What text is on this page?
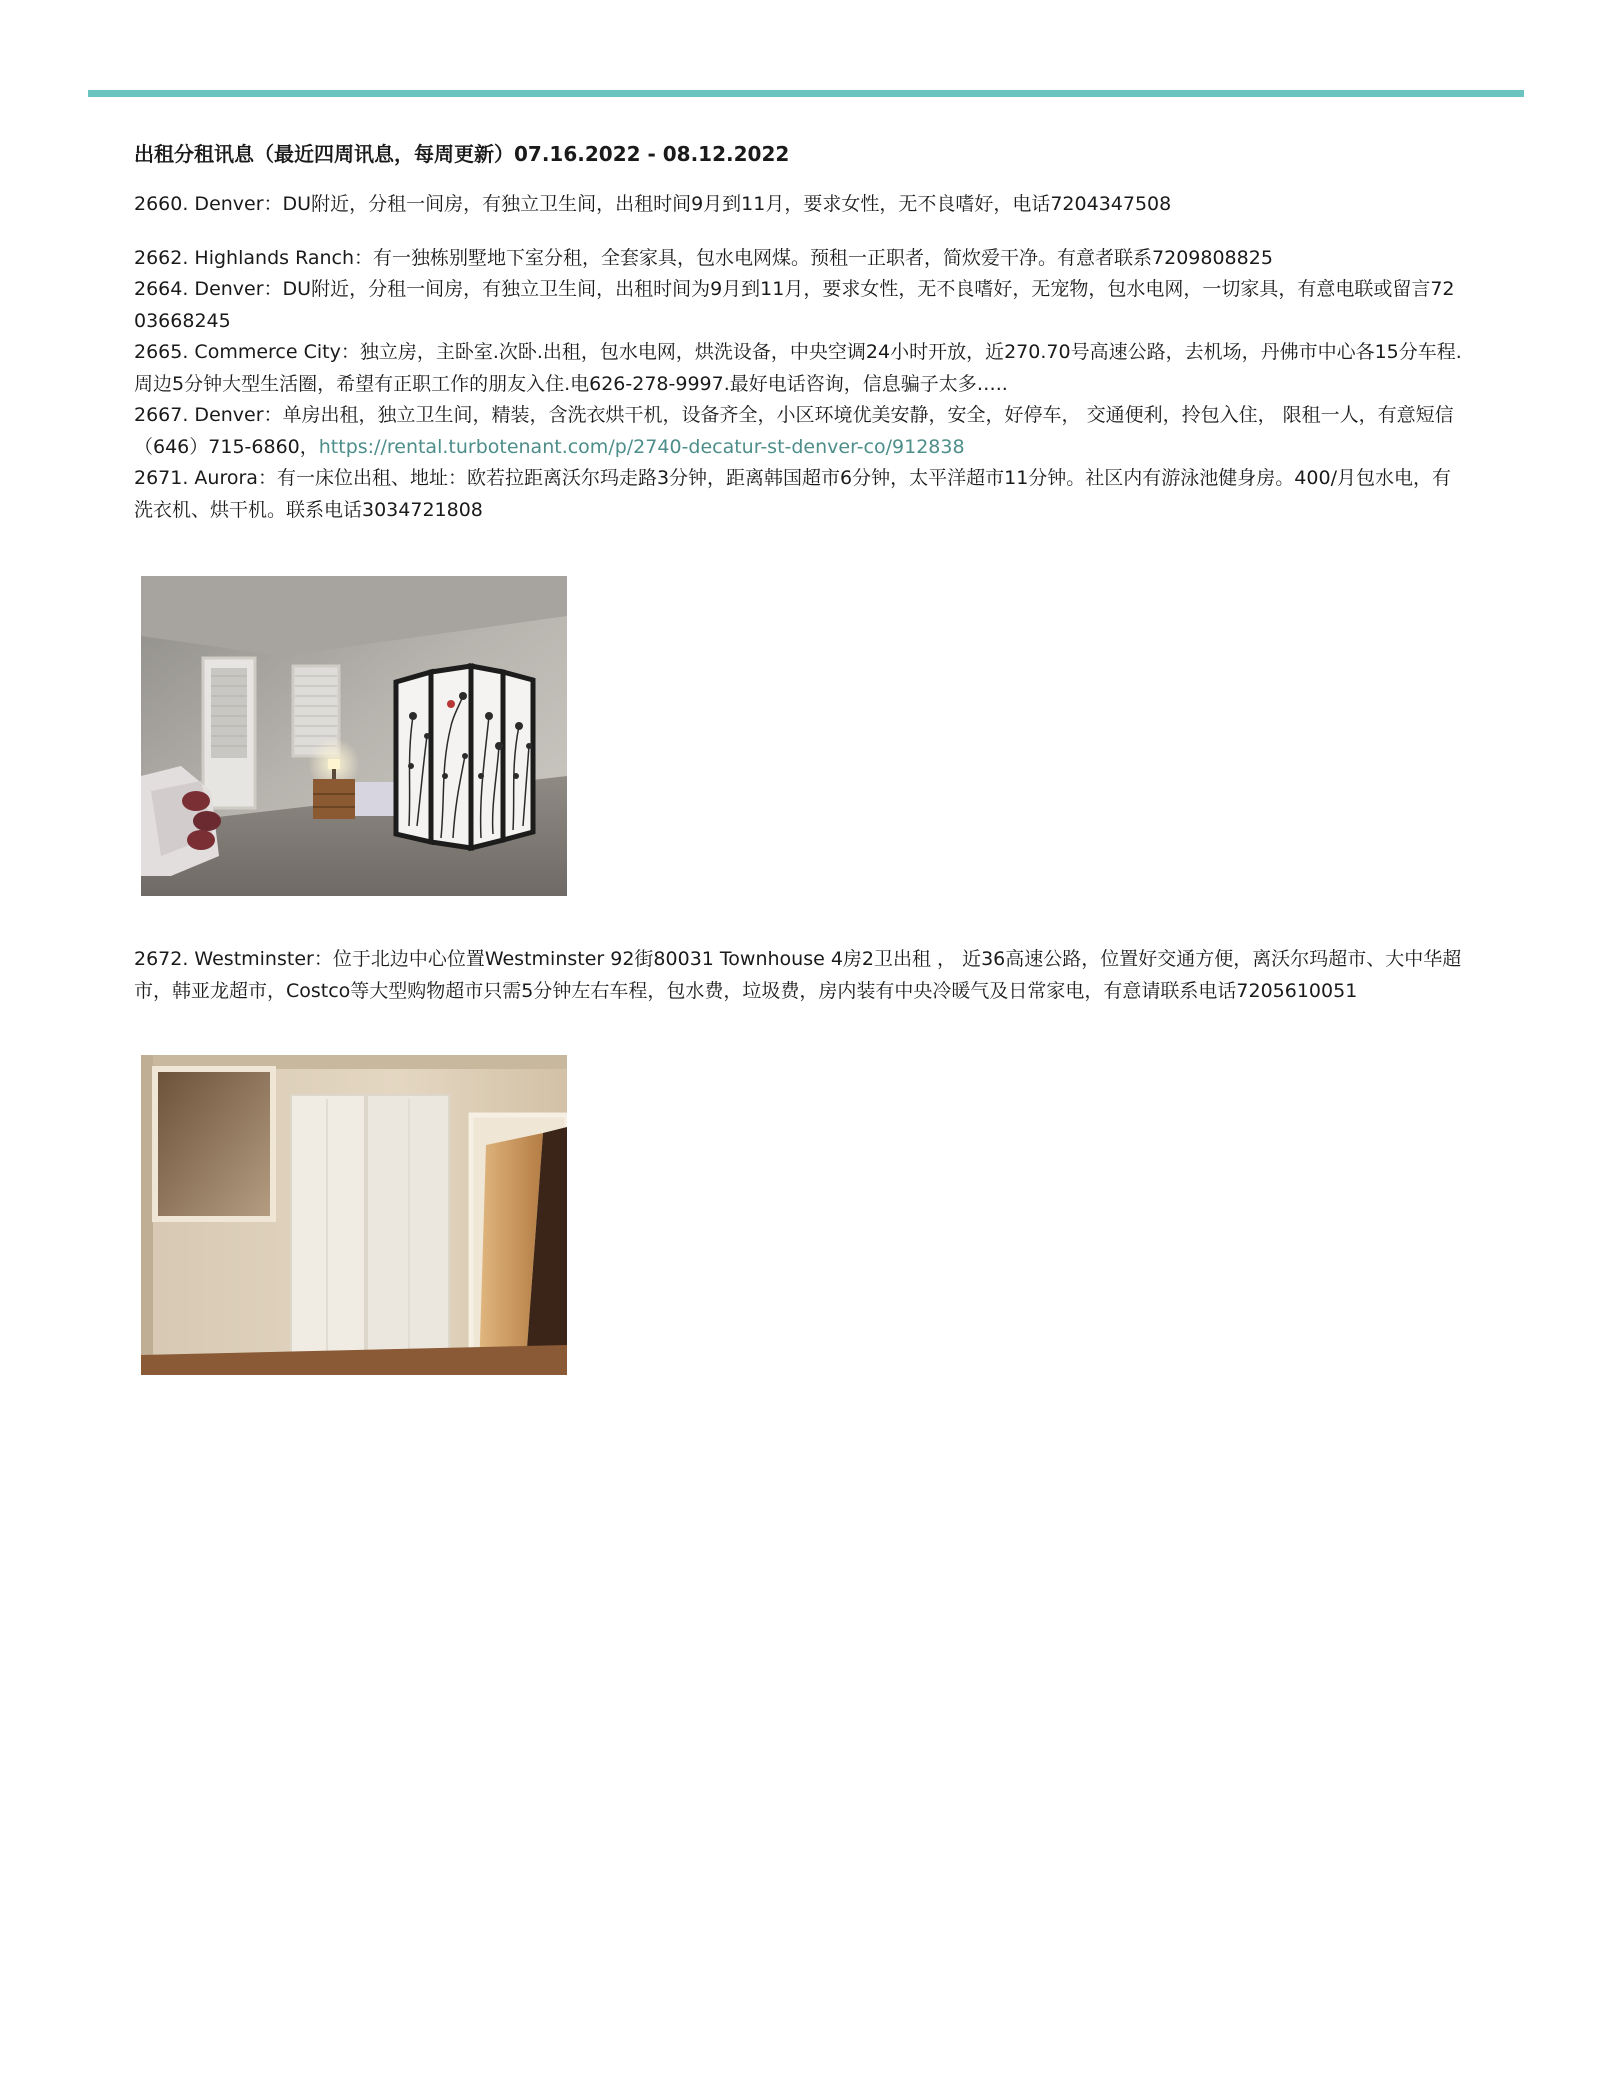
出租分租讯息（最近四周讯息，每周更新）07.16.2022 - 08.12.2022

2660. Denver：DU附近，分租一间房，有独立卫生间，出租时间9月到11月，要求女性，无不良嗜好，电话7204347508

2662. Highlands Ranch：有一独栋别墅地下室分租，全套家具，包水电网煤。预租一正职者，简炊爱干净。有意者联系7209808825

2664. Denver：DU附近，分租一间房，有独立卫生间，出租时间为9月到11月，要求女性，无不良嗜好，无宠物，包水电网，一切家具，有意电联或留言7203668245

2665. Commerce City：独立房，主卧室.次卧.出租，包水电网，烘洗设备，中央空调24小时开放，近270.70号高速公路，去机场，丹佛市中心各15分车程.周边5分钟大型生活圈，希望有正职工作的朋友入住.电626-278-9997.最好电话咨询，信息骗子太多…..

2667. Denver：单房出租，独立卫生间，精装，含洗衣烘干机，设备齐全，小区环境优美安静，安全，好停车， 交通便利，拎包入住， 限租一人，有意短信（646）715-6860，https://rental.turbotenant.com/p/2740-decatur-st-denver-co/912838

2671. Aurora：有一床位出租、地址：欧若拉距离沃尔玛走路3分钟，距离韩国超市6分钟，太平洋超市11分钟。社区内有游泳池健身房。400/月包水电，有洗衣机、烘干机。联系电话3034721808

2672. Westminster：位于北边中心位置Westminster 92街80031 Townhouse 4房2卫出租 ， 近36高速公路，位置好交通方便，离沃尔玛超市、大中华超市，韩亚龙超市，Costco等大型购物超市只需5分钟左右车程，包水费，垃圾费，房内装有中央冷暖气及日常家电，有意请联系电话7205610051
